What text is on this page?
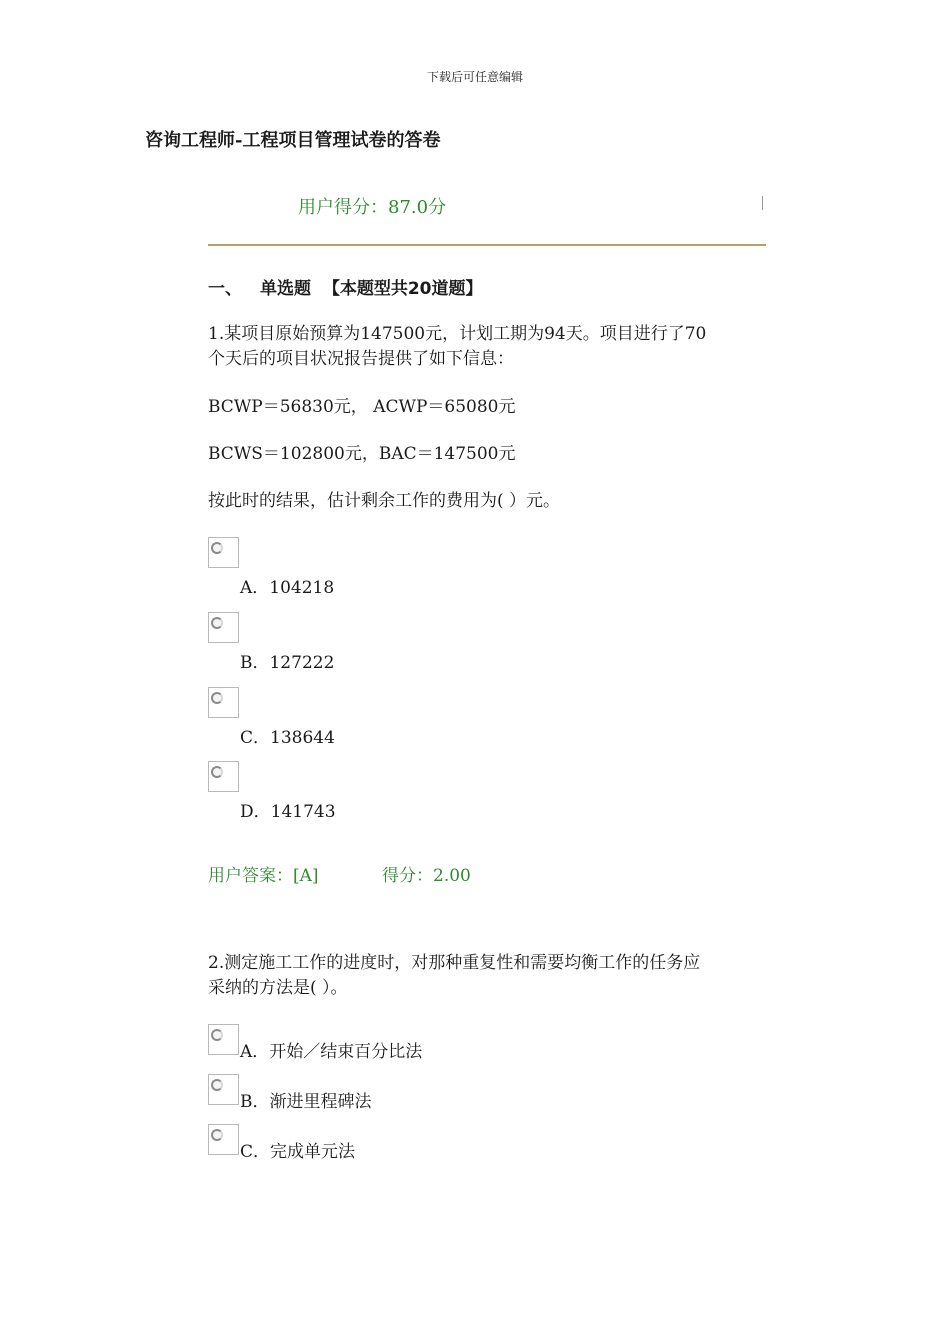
下载后可任意编辑
咨询工程师-工程项目管理试卷的答卷
用户得分：87.0分
一、 单选题 【本题型共20道题】
1.某项目原始预算为147500元，计划工期为94天。项目进行了70
个天后的项目状况报告提供了如下信息：
BCWP＝56830元， ACWP＝65080元
BCWS＝102800元，BAC＝147500元
按此时的结果，估计剩余工作的费用为( ）元。
A．104218
B．127222
C．138644
D．141743
用户答案：[A]	得分：2.00
2.测定施工工作的进度时，对那种重复性和需要均衡工作的任务应
采纳的方法是( ）。
A．开始／结束百分比法
B．渐进里程碑法
C．完成单元法
